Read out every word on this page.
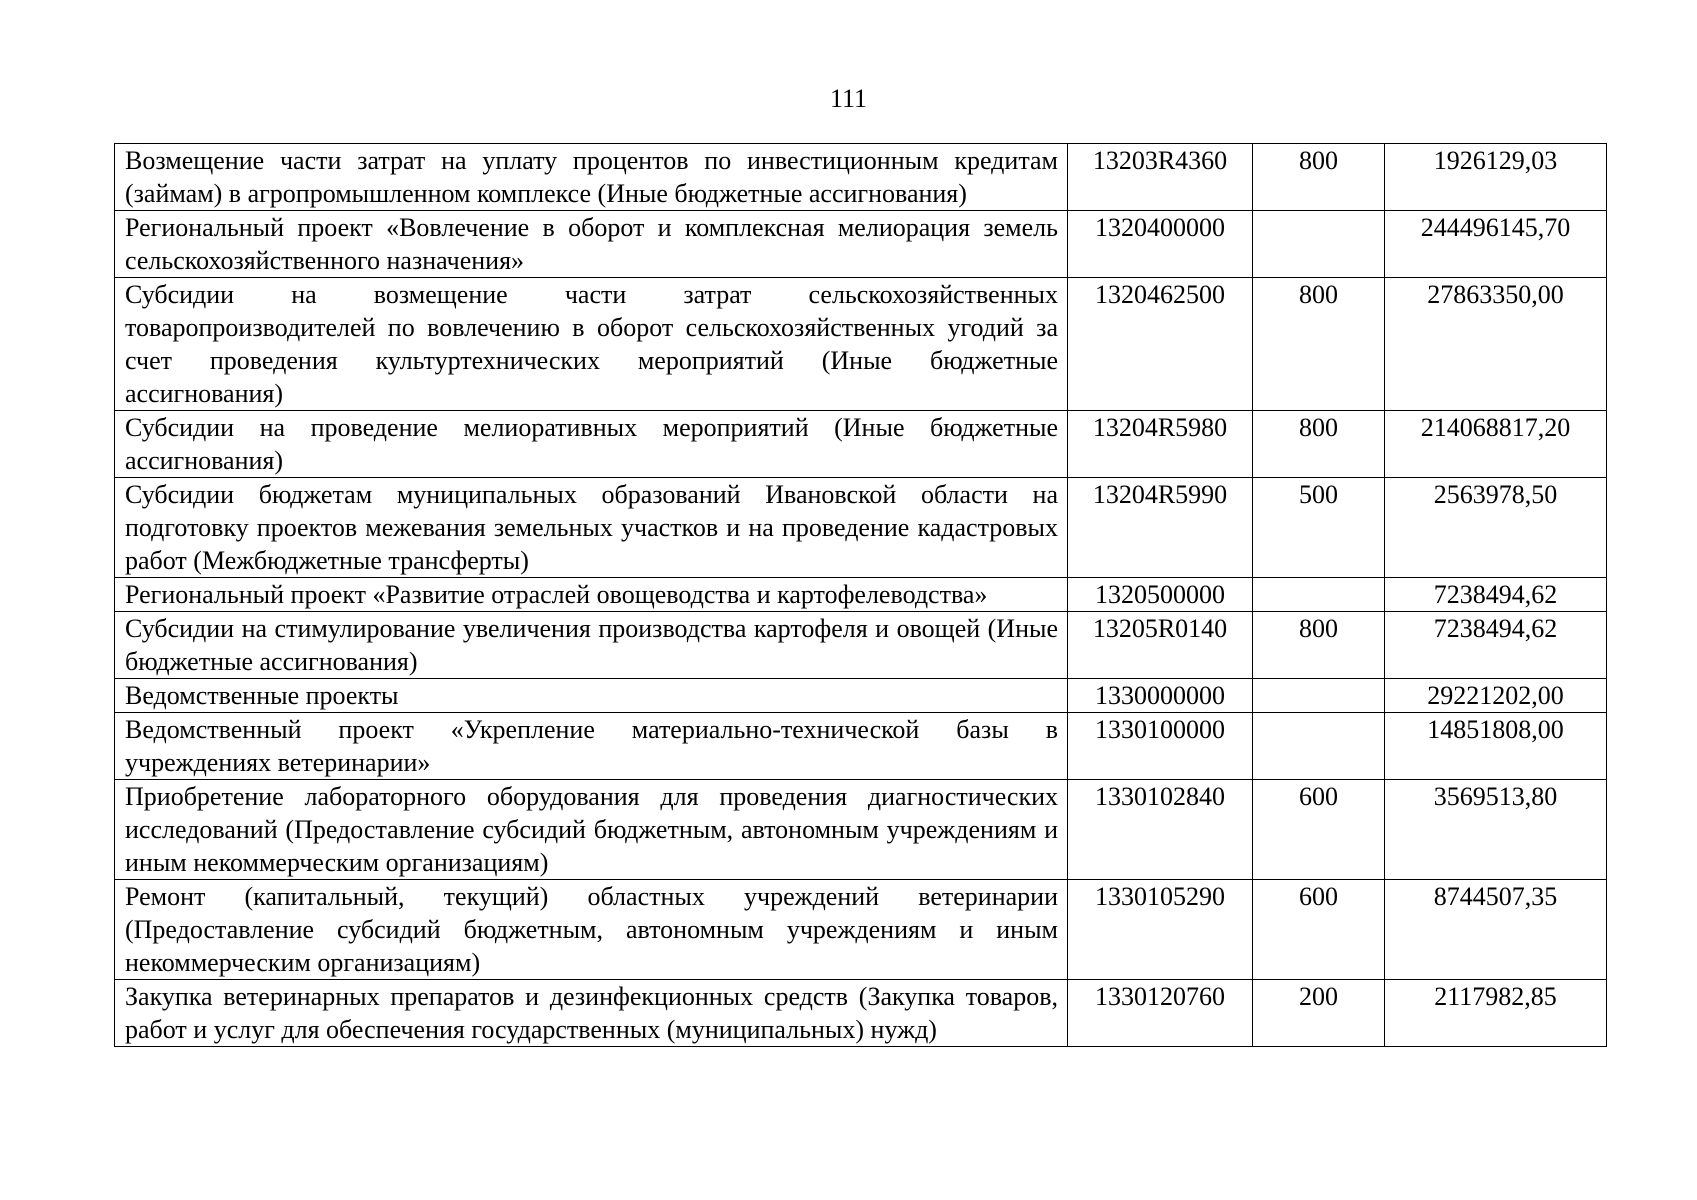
111
Возмещение части затрат на уплату процентов по инвестиционным кредитам (займам) в агропромышленном комплексе (Иные бюджетные ассигнования)	13203R4360	800	1926129,03
Региональный проект «Вовлечение в оборот и комплексная мелиорация земель сельскохозяйственного назначения»	1320400000		244496145,70
Субсидии на возмещение части затрат сельскохозяйственных товаропроизводителей по вовлечению в оборот сельскохозяйственных угодий за счет проведения культуртехнических мероприятий (Иные бюджетные ассигнования)	1320462500	800	27863350,00
Субсидии на проведение мелиоративных мероприятий (Иные бюджетные ассигнования)	13204R5980	800	214068817,20
Субсидии бюджетам муниципальных образований Ивановской области на подготовку проектов межевания земельных участков и на проведение кадастровых работ (Межбюджетные трансферты)	13204R5990	500	2563978,50
Региональный проект «Развитие отраслей овощеводства и картофелеводства»	1320500000		7238494,62
Субсидии на стимулирование увеличения производства картофеля и овощей (Иные бюджетные ассигнования)	13205R0140	800	7238494,62
Ведомственные проекты	1330000000		29221202,00
Ведомственный проект «Укрепление материально-технической базы в учреждениях ветеринарии»	1330100000		14851808,00
Приобретение лабораторного оборудования для проведения диагностических исследований (Предоставление субсидий бюджетным, автономным учреждениям и иным некоммерческим организациям)	1330102840	600	3569513,80
Ремонт (капитальный, текущий) областных учреждений ветеринарии (Предоставление субсидий бюджетным, автономным учреждениям и иным некоммерческим организациям)	1330105290	600	8744507,35
Закупка ветеринарных препаратов и дезинфекционных средств (Закупка товаров, работ и услуг для обеспечения государственных (муниципальных) нужд)	1330120760	200	2117982,85
